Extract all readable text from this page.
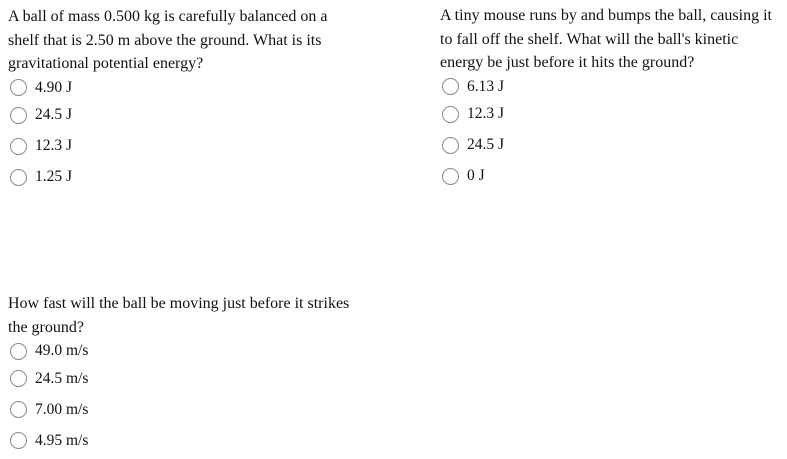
A ball of mass 0.500 kg is carefully balanced on a shelf that is 2.50 m above the ground. What is its gravitational potential energy?

4.90 J
24.5 J
12.3 J
1.25 J

A tiny mouse runs by and bumps the ball, causing it to fall off the shelf. What will the ball's kinetic energy be just before it hits the ground?

6.13 J
12.3 J
24.5 J
0 J

How fast will the ball be moving just before it strikes the ground?

49.0 m/s
24.5 m/s
7.00 m/s
4.95 m/s
